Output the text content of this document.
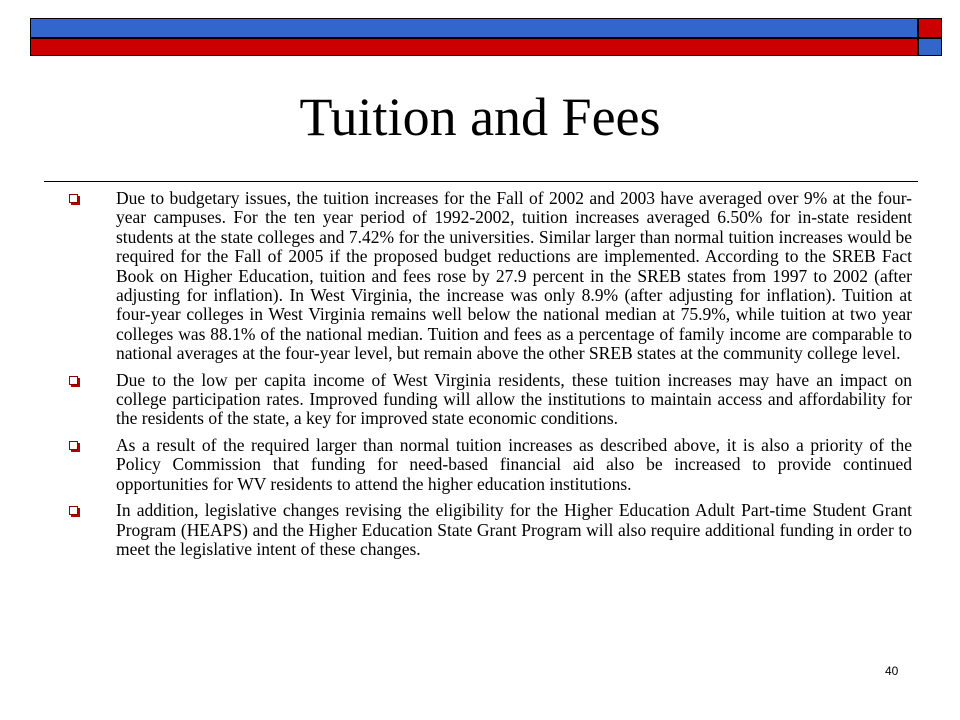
Tuition and Fees
Due to budgetary issues, the tuition increases for the Fall of 2002 and 2003 have averaged over 9% at the four-year campuses. For the ten year period of 1992-2002, tuition increases averaged 6.50% for in-state resident students at the state colleges and 7.42% for the universities. Similar larger than normal tuition increases would be required for the Fall of 2005 if the proposed budget reductions are implemented. According to the SREB Fact Book on Higher Education, tuition and fees rose by 27.9 percent in the SREB states from 1997 to 2002 (after adjusting for inflation). In West Virginia, the increase was only 8.9% (after adjusting for inflation). Tuition at four-year colleges in West Virginia remains well below the national median at 75.9%, while tuition at two year colleges was 88.1% of the national median. Tuition and fees as a percentage of family income are comparable to national averages at the four-year level, but remain above the other SREB states at the community college level.
Due to the low per capita income of West Virginia residents, these tuition increases may have an impact on college participation rates. Improved funding will allow the institutions to maintain access and affordability for the residents of the state, a key for improved state economic conditions.
As a result of the required larger than normal tuition increases as described above, it is also a priority of the Policy Commission that funding for need-based financial aid also be increased to provide continued opportunities for WV residents to attend the higher education institutions.
In addition, legislative changes revising the eligibility for the Higher Education Adult Part-time Student Grant Program (HEAPS) and the Higher Education State Grant Program will also require additional funding in order to meet the legislative intent of these changes.
40
